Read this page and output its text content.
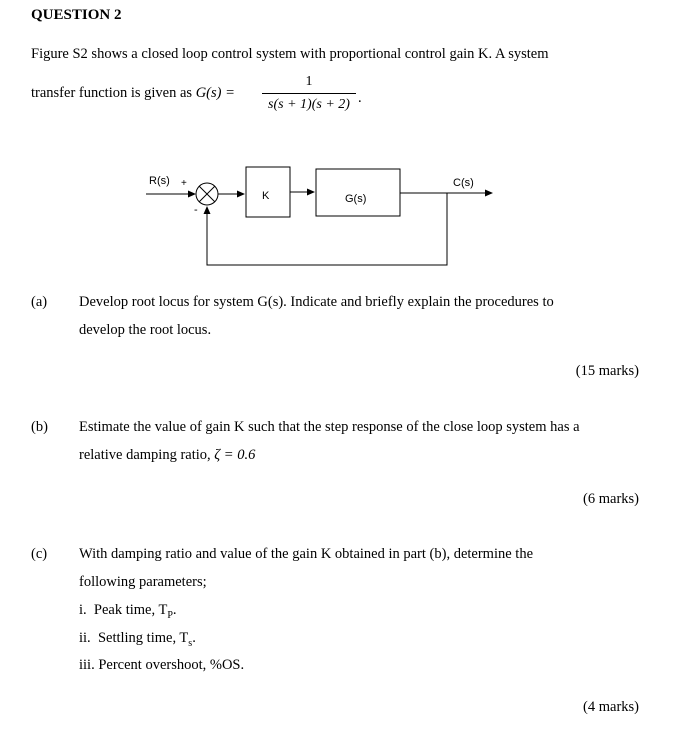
QUESTION 2
Figure S2 shows a closed loop control system with proportional control gain K. A system
transfer function is given as G(s) =
1
s(s + 1)(s + 2) .
R(s) +
-
K	G(s)
C(s)
(a) Develop root locus for system G(s). Indicate and briefly explain the procedures to
develop the root locus.
(15 marks)
(b) Estimate the value of gain K such that the step response of the close loop system has a
relative damping ratio, ζ = 0.6
(6 marks)
(c) With damping ratio and value of the gain K obtained in part (b), determine the
following parameters;
i. Peak time, $T_P$.
ii. Settling time, $T_s$.
iii. Percent overshoot, %OS.
(4 marks)
